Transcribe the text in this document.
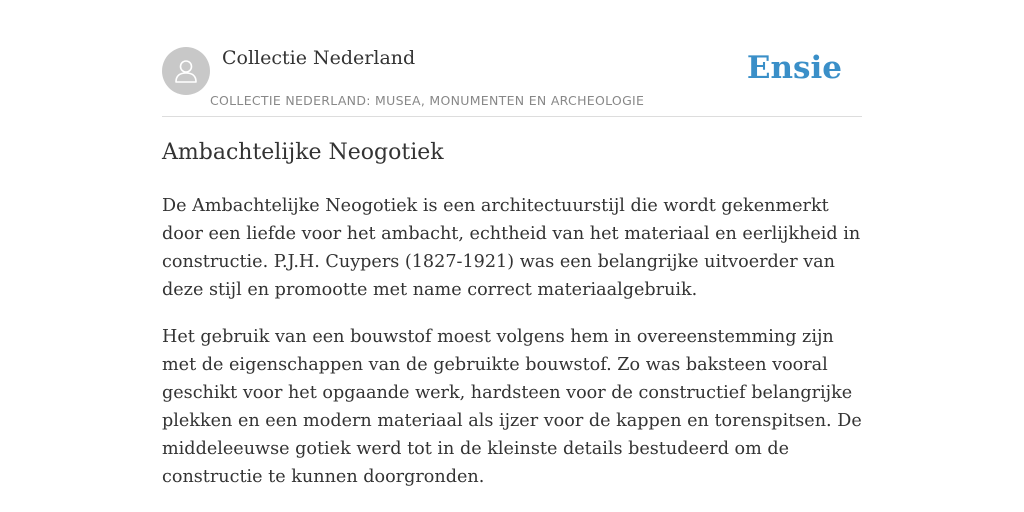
Collectie Nederland
COLLECTIE NEDERLAND: MUSEA, MONUMENTEN EN ARCHEOLOGIE
Ensie
Ambachtelijke Neogotiek

De Ambachtelijke Neogotiek is een architectuurstijl die wordt gekenmerkt door een liefde voor het ambacht, echtheid van het materiaal en eerlijkheid in constructie. P.J.H. Cuypers (1827-1921) was een belangrijke uitvoerder van deze stijl en promootte met name correct materiaalgebruik.

Het gebruik van een bouwstof moest volgens hem in overeenstemming zijn met de eigenschappen van de gebruikte bouwstof. Zo was baksteen vooral geschikt voor het opgaande werk, hardsteen voor de constructief belangrijke plekken en een modern materiaal als ijzer voor de kappen en torenspitsen. De middeleeuwse gotiek werd tot in de kleinste details bestudeerd om de constructie te kunnen doorgronden.
